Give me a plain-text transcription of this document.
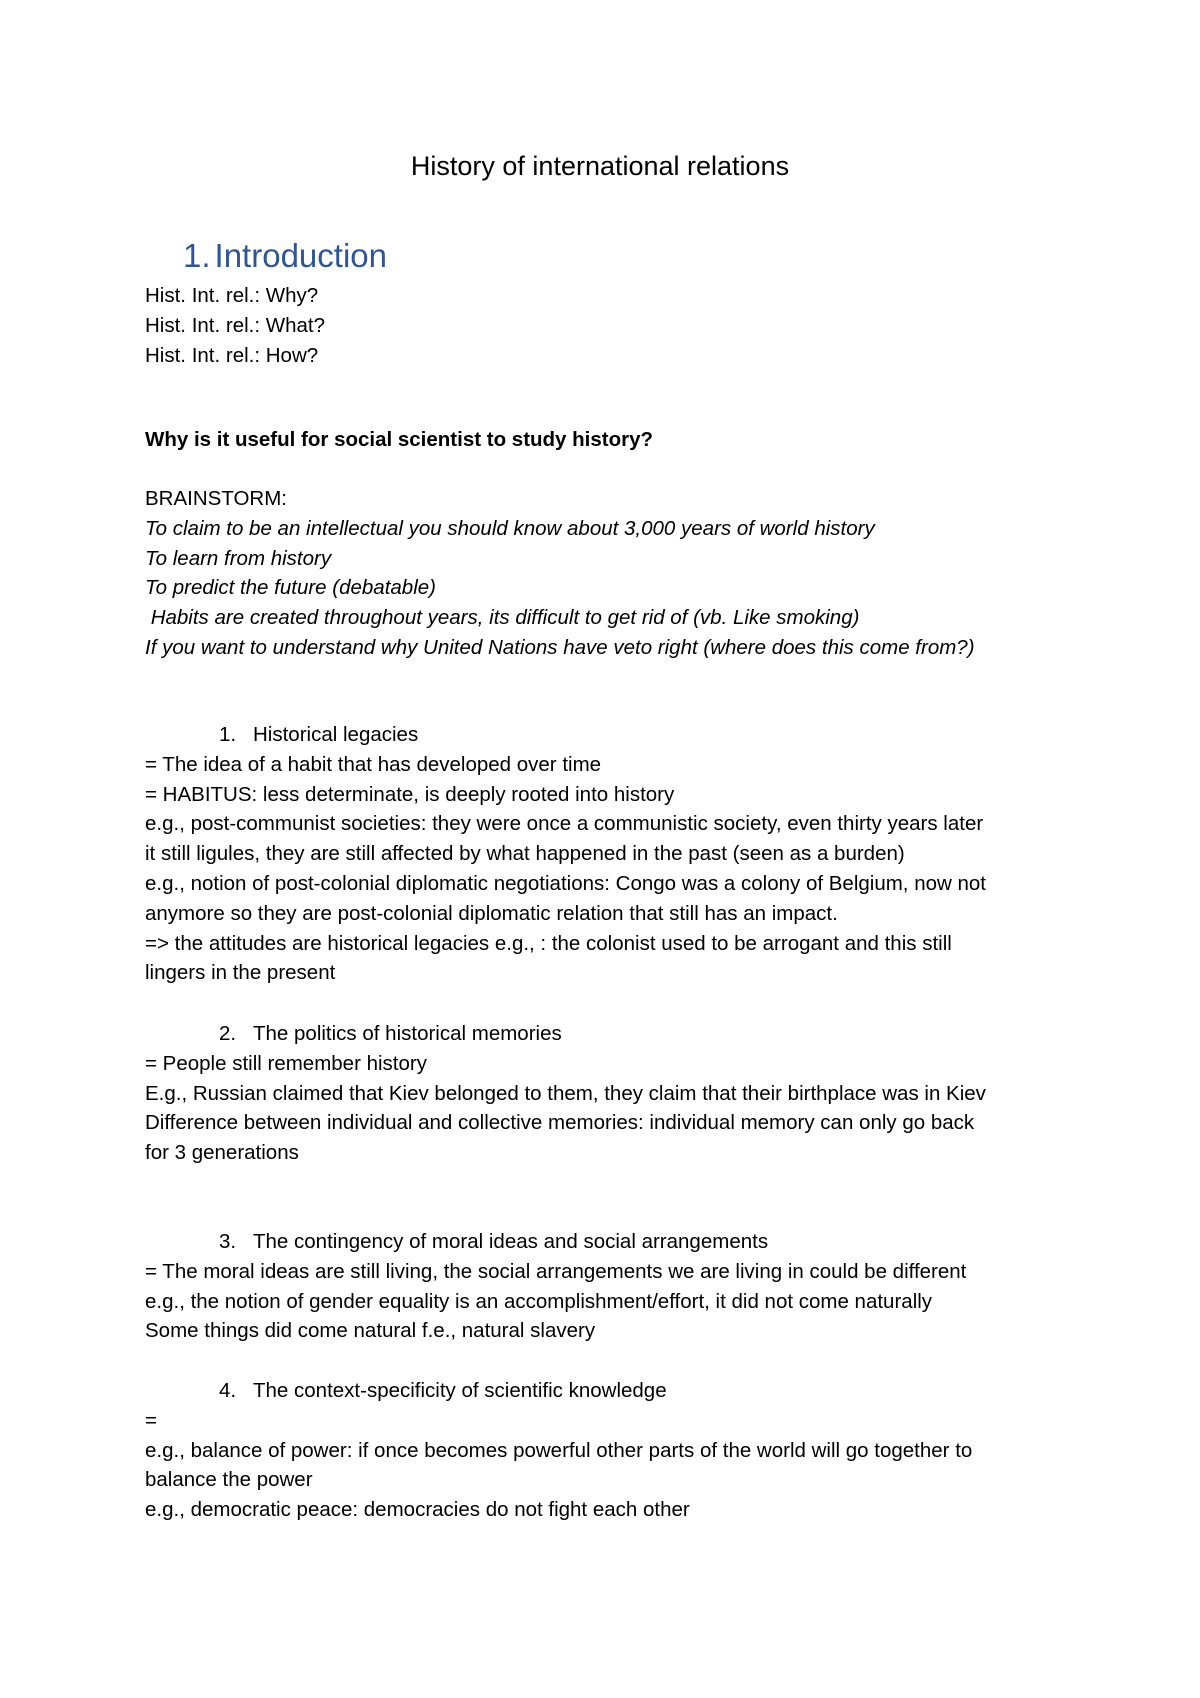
History of international relations
1. Introduction
Hist. Int. rel.: Why?
Hist. Int. rel.: What?
Hist. Int. rel.: How?
Why is it useful for social scientist to study history?
BRAINSTORM:
To claim to be an intellectual you should know about 3,000 years of world history
To learn from history
To predict the future (debatable)
Habits are created throughout years, its difficult to get rid of (vb. Like smoking)
If you want to understand why United Nations have veto right (where does this come from?)
1. Historical legacies
= The idea of a habit that has developed over time
= HABITUS: less determinate, is deeply rooted into history
e.g., post-communist societies: they were once a communistic society, even thirty years later
it still ligules, they are still affected by what happened in the past (seen as a burden)
e.g., notion of post-colonial diplomatic negotiations: Congo was a colony of Belgium, now not
anymore so they are post-colonial diplomatic relation that still has an impact.
=> the attitudes are historical legacies e.g., : the colonist used to be arrogant and this still
lingers in the present
2. The politics of historical memories
= People still remember history
E.g., Russian claimed that Kiev belonged to them, they claim that their birthplace was in Kiev
Difference between individual and collective memories: individual memory can only go back
for 3 generations
3. The contingency of moral ideas and social arrangements
= The moral ideas are still living, the social arrangements we are living in could be different
e.g., the notion of gender equality is an accomplishment/effort, it did not come naturally
Some things did come natural f.e., natural slavery
4. The context-specificity of scientific knowledge
=
e.g., balance of power: if once becomes powerful other parts of the world will go together to
balance the power
e.g., democratic peace: democracies do not fight each other
